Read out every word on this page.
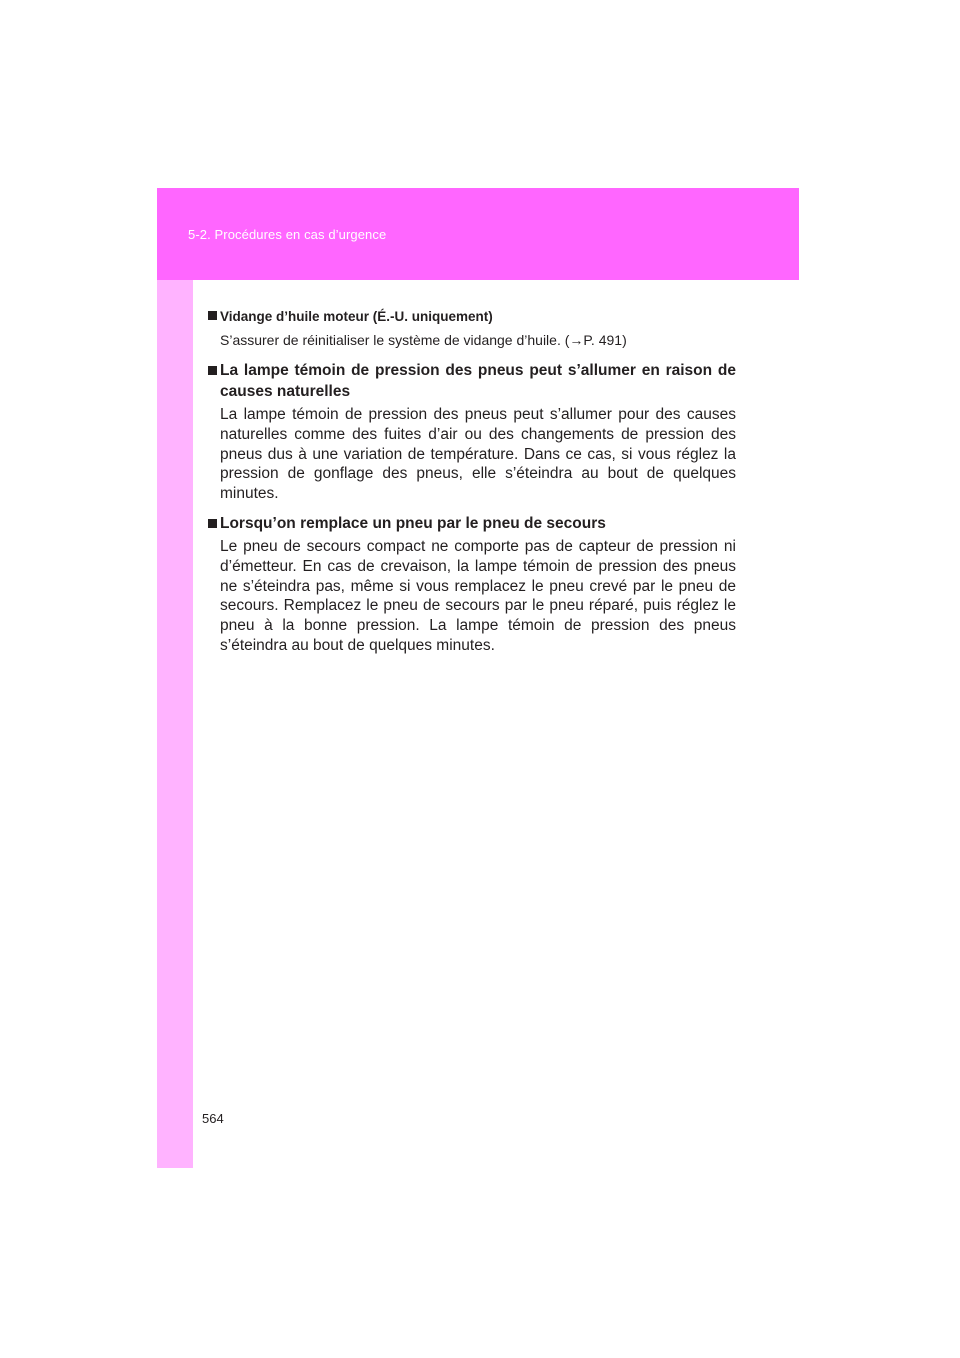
5-2. Procédures en cas d’urgence
Vidange d’huile moteur (É.-U. uniquement)
S’assurer de réinitialiser le système de vidange d’huile. (→P. 491)
La lampe témoin de pression des pneus peut s’allumer en raison de causes naturelles
La lampe témoin de pression des pneus peut s’allumer pour des causes naturelles comme des fuites d’air ou des changements de pression des pneus dus à une variation de température. Dans ce cas, si vous réglez la pression de gonflage des pneus, elle s’éteindra au bout de quelques minutes.
Lorsqu’on remplace un pneu par le pneu de secours
Le pneu de secours compact ne comporte pas de capteur de pression ni d’émetteur. En cas de crevaison, la lampe témoin de pression des pneus ne s’éteindra pas, même si vous remplacez le pneu crevé par le pneu de secours. Remplacez le pneu de secours par le pneu réparé, puis réglez le pneu à la bonne pression. La lampe témoin de pression des pneus s’éteindra au bout de quelques minutes.
564
